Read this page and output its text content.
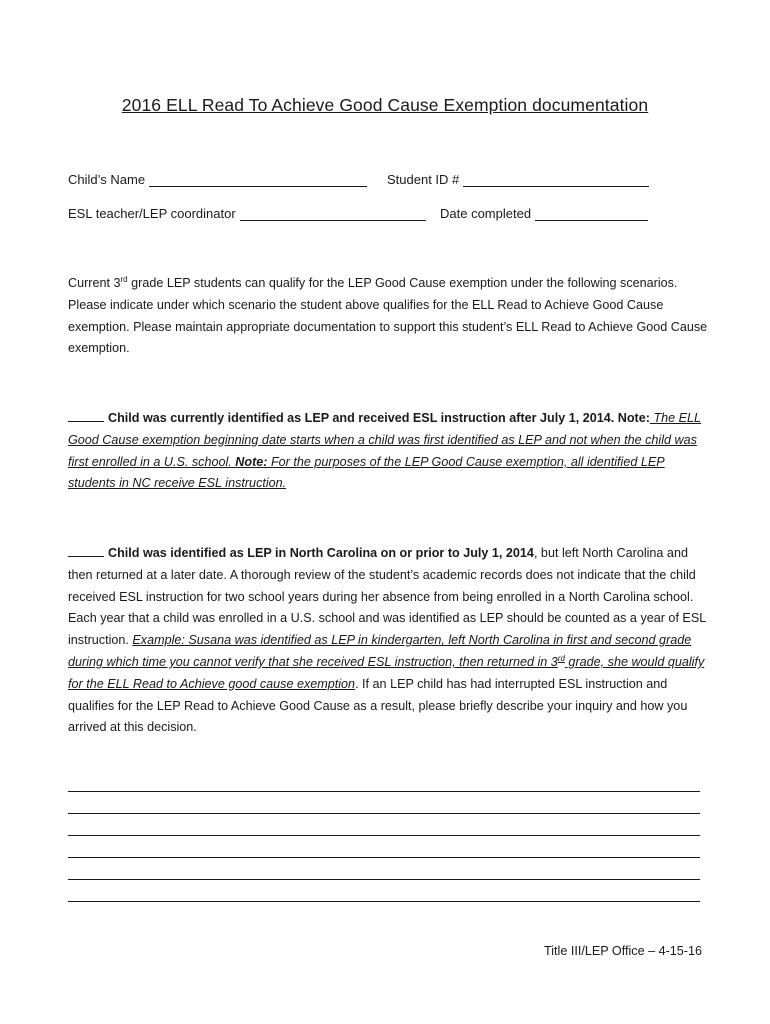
2016 ELL Read To Achieve Good Cause Exemption documentation
Child’s Name	Student ID #
ESL teacher/LEP coordinator	Date completed

Current 3rd grade LEP students can qualify for the LEP Good Cause exemption under the following scenarios. Please indicate under which scenario the student above qualifies for the ELL Read to Achieve Good Cause exemption. Please maintain appropriate documentation to support this student’s ELL Read to Achieve Good Cause exemption.

Child was currently identified as LEP and received ESL instruction after July 1, 2014. Note: The ELL Good Cause exemption beginning date starts when a child was first identified as LEP and not when the child was first enrolled in a U.S. school. Note: For the purposes of the LEP Good Cause exemption, all identified LEP students in NC receive ESL instruction.

Child was identified as LEP in North Carolina on or prior to July 1, 2014, but left North Carolina and then returned at a later date. A thorough review of the student’s academic records does not indicate that the child received ESL instruction for two school years during her absence from being enrolled in a North Carolina school. Each year that a child was enrolled in a U.S. school and was identified as LEP should be counted as a year of ESL instruction. Example: Susana was identified as LEP in kindergarten, left North Carolina in first and second grade during which time you cannot verify that she received ESL instruction, then returned in 3rd grade, she would qualify for the ELL Read to Achieve good cause exemption. If an LEP child has had interrupted ESL instruction and qualifies for the LEP Read to Achieve Good Cause as a result, please briefly describe your inquiry and how you arrived at this decision.

Title III/LEP Office – 4-15-16
